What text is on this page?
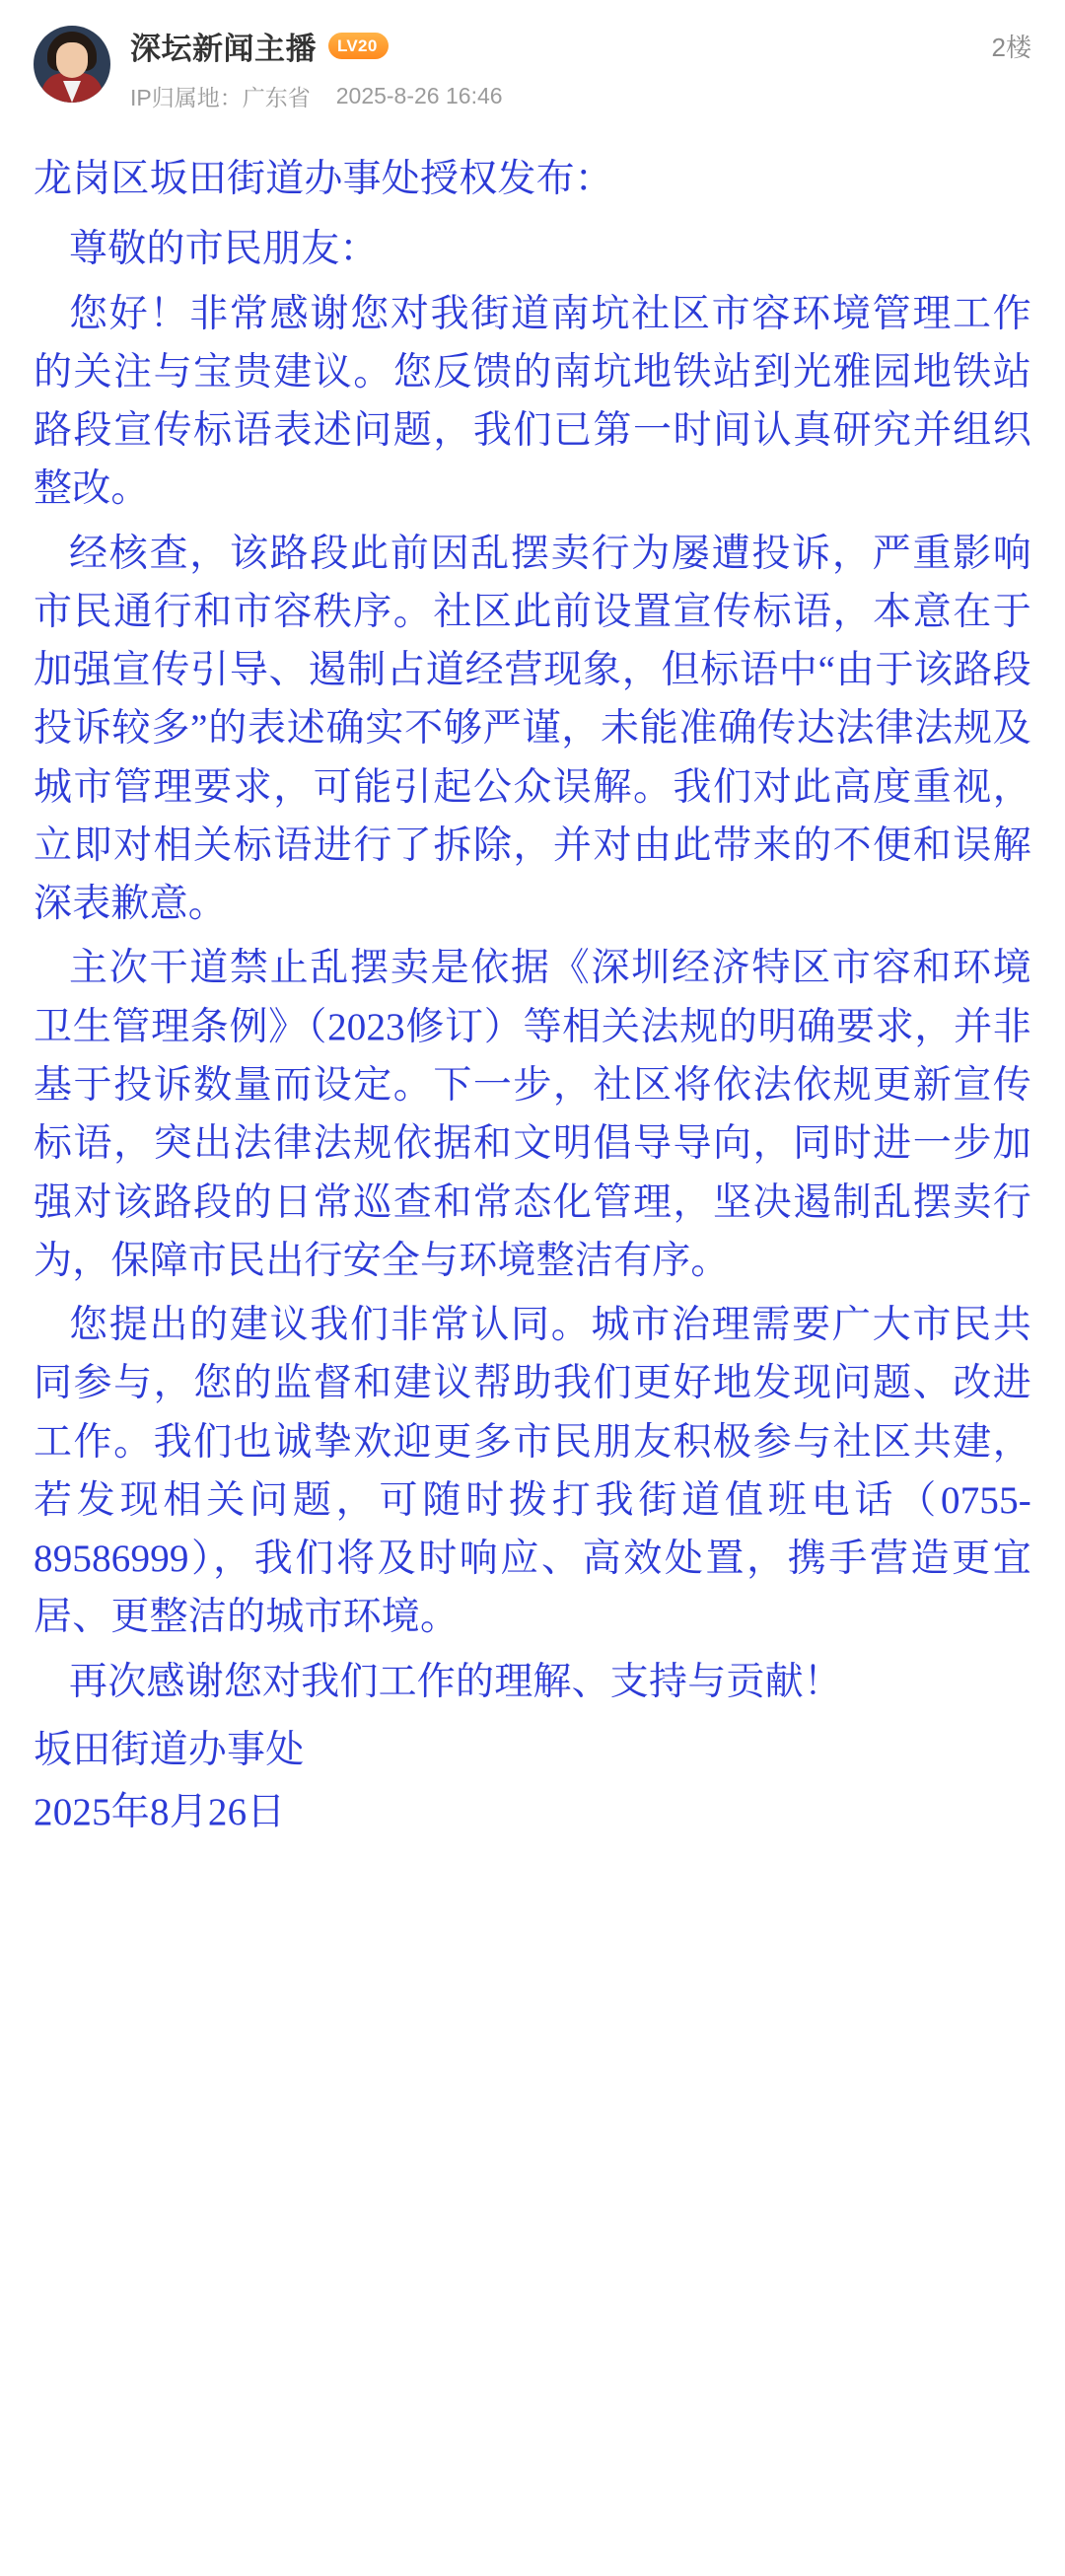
深坛新闻主播	LV20
IP归属地：广东省 2025-8-26 16:46
2楼

龙岗区坂田街道办事处授权发布：

尊敬的市民朋友：

您好！非常感谢您对我街道南坑社区市容环境管理工作的关注与宝贵建议。您反馈的南坑地铁站到光雅园地铁站路段宣传标语表述问题，我们已第一时间认真研究并组织整改。

经核查，该路段此前因乱摆卖行为屡遭投诉，严重影响市民通行和市容秩序。社区此前设置宣传标语，本意在于加强宣传引导、遏制占道经营现象，但标语中“由于该路段投诉较多”的表述确实不够严谨，未能准确传达法律法规及城市管理要求，可能引起公众误解。我们对此高度重视，立即对相关标语进行了拆除，并对由此带来的不便和误解深表歉意。

主次干道禁止乱摆卖是依据《深圳经济特区市容和环境卫生管理条例》（2023修订）等相关法规的明确要求，并非基于投诉数量而设定。下一步，社区将依法依规更新宣传标语，突出法律法规依据和文明倡导导向，同时进一步加强对该路段的日常巡查和常态化管理，坚决遏制乱摆卖行为，保障市民出行安全与环境整洁有序。

您提出的建议我们非常认同。城市治理需要广大市民共同参与，您的监督和建议帮助我们更好地发现问题、改进工作。我们也诚挚欢迎更多市民朋友积极参与社区共建，若发现相关问题，可随时拨打我街道值班电话（0755-89586999），我们将及时响应、高效处置，携手营造更宜居、更整洁的城市环境。

再次感谢您对我们工作的理解、支持与贡献！

坂田街道办事处

2025年8月26日
